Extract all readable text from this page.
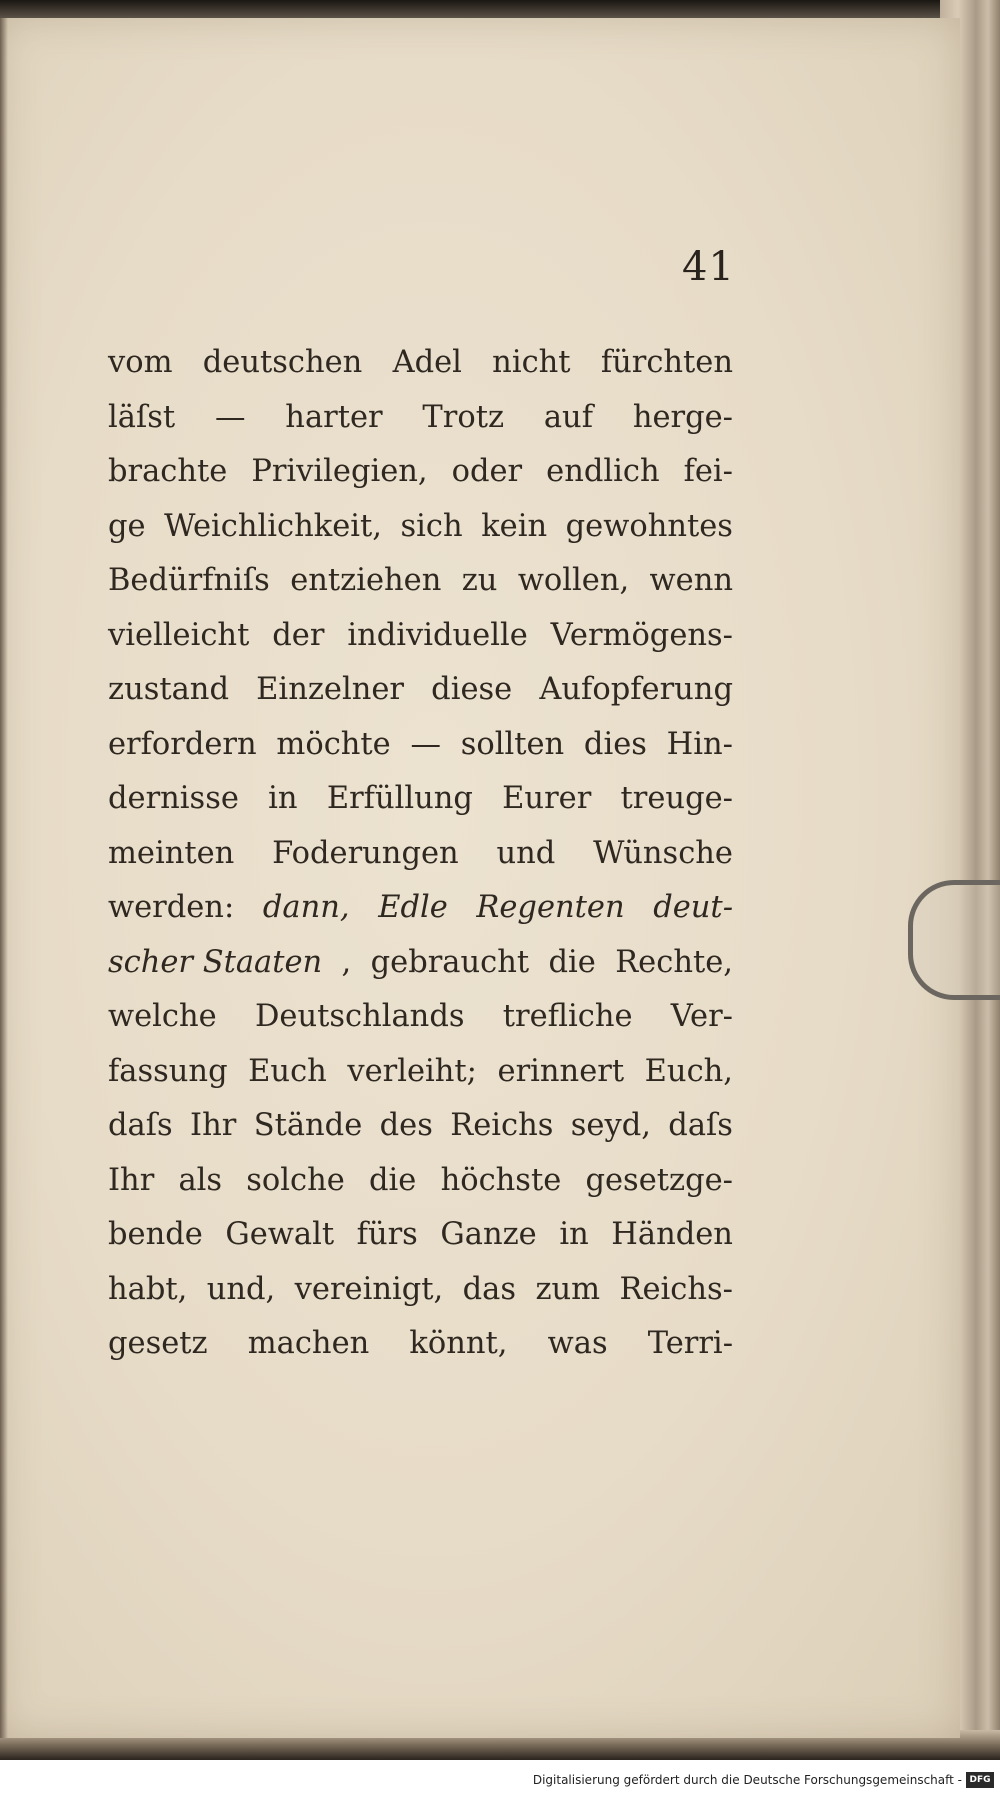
41
vom deutschen Adel nicht fürchten
läſst — harter Trotz auf herge-
brachte Privilegien, oder endlich fei-
ge Weichlichkeit, sich kein gewohntes
Bedürfniſs entziehen zu wollen, wenn
vielleicht der individuelle Vermögens-
zustand Einzelner diese Aufopferung
erfordern möchte — sollten dies Hin-
dernisse in Erfüllung Eurer treuge-
meinten Foderungen und Wünsche
werden: dann, Edle Regenten deut-
scher Staaten , gebraucht die Rechte,
welche Deutschlands trefliche Ver-
fassung Euch verleiht; erinnert Euch,
daſs Ihr Stände des Reichs seyd, daſs
Ihr als solche die höchste gesetzge-
bende Gewalt fürs Ganze in Händen
habt, und, vereinigt, das zum Reichs-
gesetz machen könnt, was Terri-
Digitalisierung gefördert durch die Deutsche Forschungsgemeinschaft - DFG
